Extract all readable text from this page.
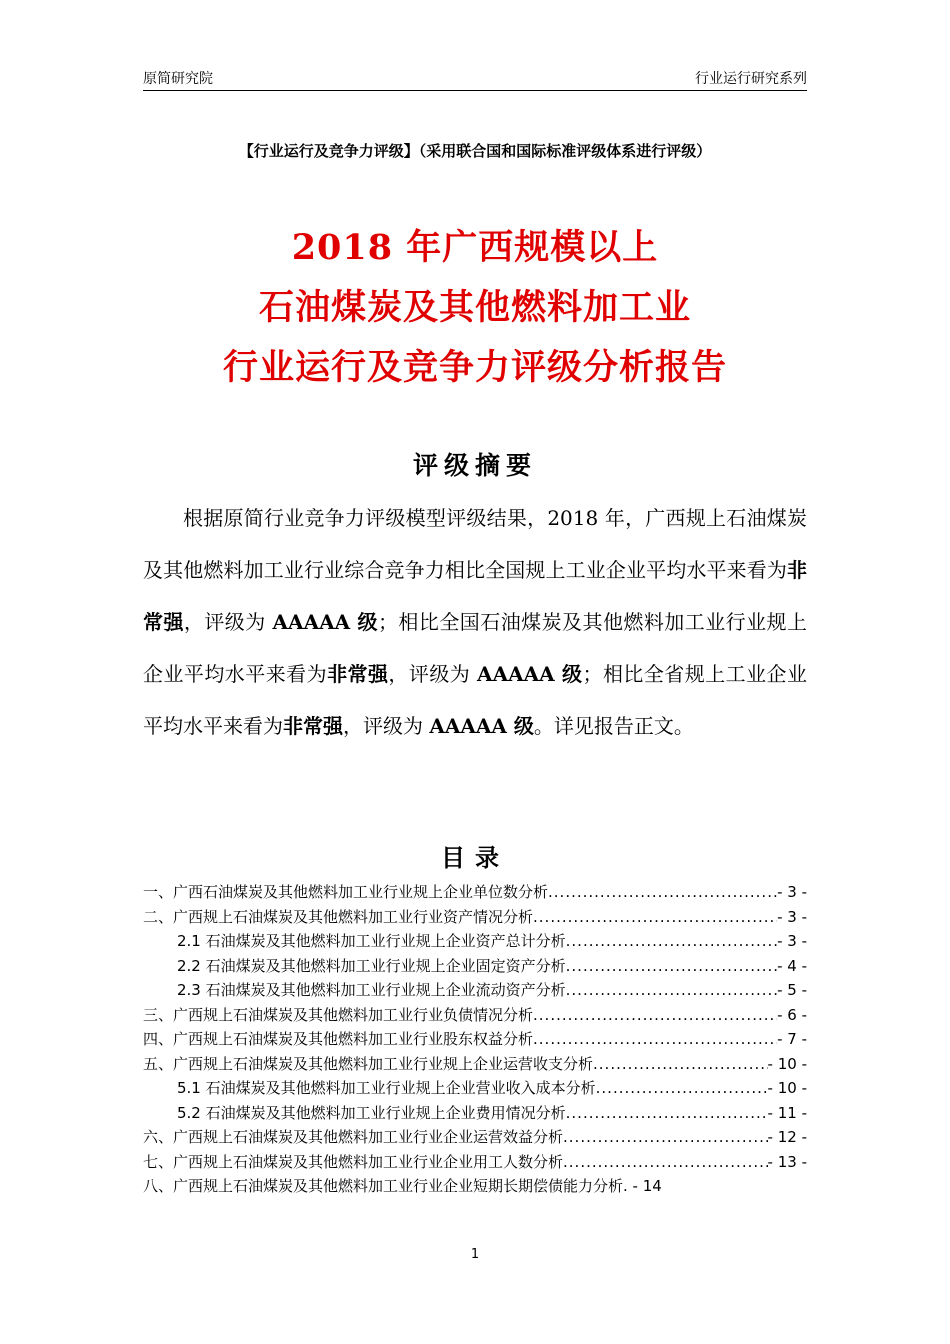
原简研究院	行业运行研究系列
【行业运行及竞争力评级】（采用联合国和国际标准评级体系进行评级）
2018 年广西规模以上
石油煤炭及其他燃料加工业
行业运行及竞争力评级分析报告
评级摘要
根据原简行业竞争力评级模型评级结果，2018 年，广西规上石油煤炭及其他燃料加工业行业综合竞争力相比全国规上工业企业平均水平来看为非常强，评级为 AAAAA 级；相比全国石油煤炭及其他燃料加工业行业规上企业平均水平来看为非常强，评级为 AAAAA 级；相比全省规上工业企业平均水平来看为非常强，评级为 AAAAA 级。详见报告正文。
目录
一、广西石油煤炭及其他燃料加工业行业规上企业单位数分析 .....	- 3 -
二、广西规上石油煤炭及其他燃料加工业行业资产情况分析 .....	- 3 -
2.1 石油煤炭及其他燃料加工业行业规上企业资产总计分析 .....	- 3 -
2.2 石油煤炭及其他燃料加工业行业规上企业固定资产分析 .....	- 4 -
2.3 石油煤炭及其他燃料加工业行业规上企业流动资产分析 .....	- 5 -
三、广西规上石油煤炭及其他燃料加工业行业负债情况分析 .....	- 6 -
四、广西规上石油煤炭及其他燃料加工业行业股东权益分析 .....	- 7 -
五、广西规上石油煤炭及其他燃料加工业行业规上企业运营收支分析 .....	- 10 -
5.1 石油煤炭及其他燃料加工业行业规上企业营业收入成本分析 .....	- 10 -
5.2 石油煤炭及其他燃料加工业行业规上企业费用情况分析 .....	- 11 -
六、广西规上石油煤炭及其他燃料加工业行业企业运营效益分析 .....	- 12 -
七、广西规上石油煤炭及其他燃料加工业行业企业用工人数分析 .....	- 13 -
八、广西规上石油煤炭及其他燃料加工业行业企业短期长期偿债能力分析 . - 14
1
